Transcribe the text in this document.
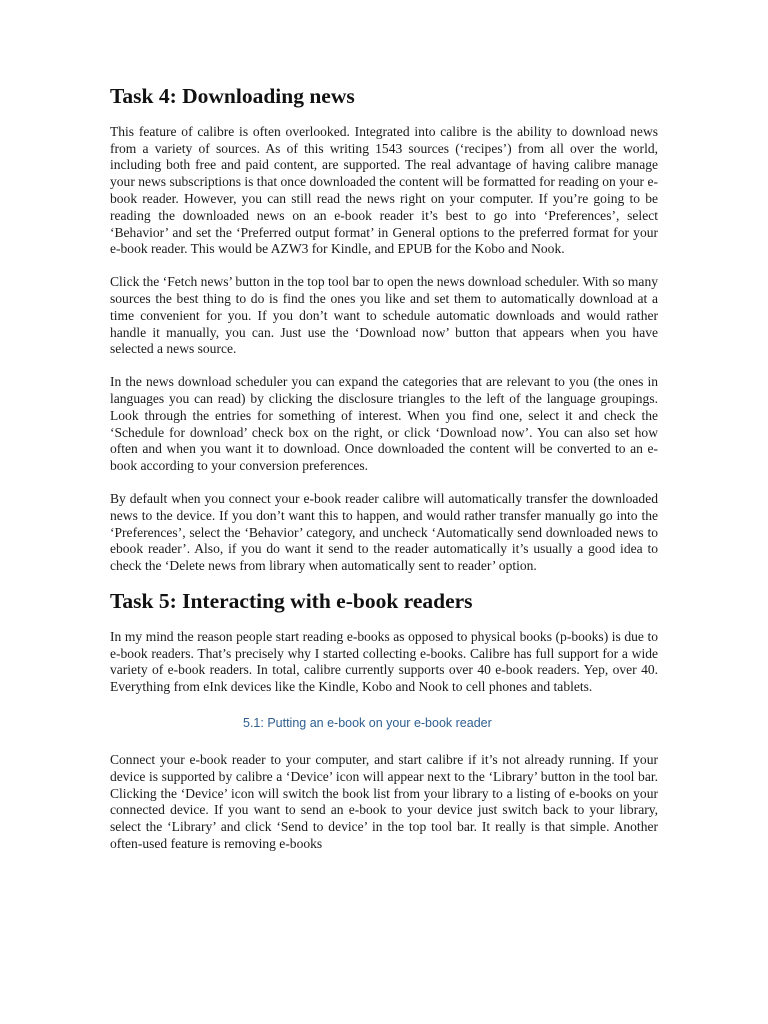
Task 4: Downloading news

This feature of calibre is often overlooked. Integrated into calibre is the ability to download news from a variety of sources. As of this writing 1543 sources (‘recipes’) from all over the world, including both free and paid content, are supported. The real advantage of having calibre manage your news subscriptions is that once downloaded the content will be formatted for reading on your e-book reader. However, you can still read the news right on your computer. If you’re going to be reading the downloaded news on an e-book reader it’s best to go into ‘Preferences’, select ‘Behavior’ and set the ‘Preferred output format’ in General options to the preferred format for your e-book reader. This would be AZW3 for Kindle, and EPUB for the Kobo and Nook.

Click the ‘Fetch news’ button in the top tool bar to open the news download scheduler. With so many sources the best thing to do is find the ones you like and set them to automatically download at a time convenient for you. If you don’t want to schedule automatic downloads and would rather handle it manually, you can. Just use the ‘Download now’ button that appears when you have selected a news source.

In the news download scheduler you can expand the categories that are relevant to you (the ones in languages you can read) by clicking the disclosure triangles to the left of the language groupings. Look through the entries for something of interest. When you find one, select it and check the ‘Schedule for download’ check box on the right, or click ‘Download now’. You can also set how often and when you want it to download. Once downloaded the content will be converted to an e-book according to your conversion preferences.

By default when you connect your e-book reader calibre will automatically transfer the downloaded news to the device. If you don’t want this to happen, and would rather transfer manually go into the ‘Preferences’, select the ‘Behavior’ category, and uncheck ‘Automatically send downloaded news to ebook reader’. Also, if you do want it send to the reader automatically it’s usually a good idea to check the ‘Delete news from library when automatically sent to reader’ option.

Task 5: Interacting with e-book readers

In my mind the reason people start reading e-books as opposed to physical books (p-books) is due to e-book readers. That’s precisely why I started collecting e-books. Calibre has full support for a wide variety of e-book readers. In total, calibre currently supports over 40 e-book readers. Yep, over 40. Everything from eInk devices like the Kindle, Kobo and Nook to cell phones and tablets.

5.1: Putting an e-book on your e-book reader

Connect your e-book reader to your computer, and start calibre if it’s not already running. If your device is supported by calibre a ‘Device’ icon will appear next to the ‘Library’ button in the tool bar. Clicking the ‘Device’ icon will switch the book list from your library to a listing of e-books on your connected device. If you want to send an e-book to your device just switch back to your library, select the ‘Library’ and click ‘Send to device’ in the top tool bar. It really is that simple. Another often-used feature is removing e-books
